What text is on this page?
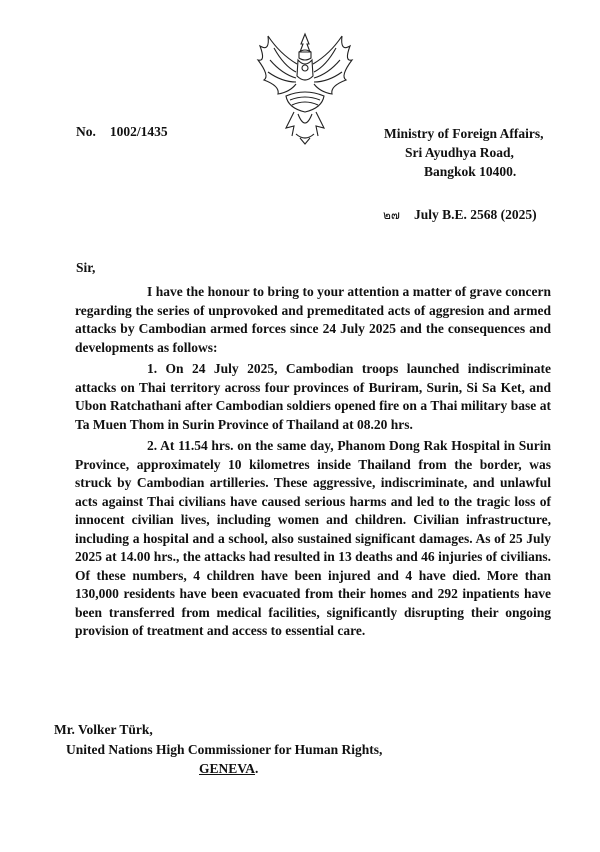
No. 1002/1435	Ministry of Foreign Affairs,
Sri Ayudhya Road,
Bangkok 10400.
๒๗ July B.E. 2568 (2025)
Sir,

I have the honour to bring to your attention a matter of grave concern regarding the series of unprovoked and premeditated acts of aggresion and armed attacks by Cambodian armed forces since 24 July 2025 and the consequences and developments as follows:

1. On 24 July 2025, Cambodian troops launched indiscriminate attacks on Thai territory across four provinces of Buriram, Surin, Si Sa Ket, and Ubon Ratchathani after Cambodian soldiers opened fire on a Thai military base at Ta Muen Thom in Surin Province of Thailand at 08.20 hrs.

2. At 11.54 hrs. on the same day, Phanom Dong Rak Hospital in Surin Province, approximately 10 kilometres inside Thailand from the border, was struck by Cambodian artilleries. These aggressive, indiscriminate, and unlawful acts against Thai civilians have caused serious harms and led to the tragic loss of innocent civilian lives, including women and children. Civilian infrastructure, including a hospital and a school, also sustained significant damages. As of 25 July 2025 at 14.00 hrs., the attacks had resulted in 13 deaths and 46 injuries of civilians. Of these numbers, 4 children have been injured and 4 have died. More than 130,000 residents have been evacuated from their homes and 292 inpatients have been transferred from medical facilities, significantly disrupting their ongoing provision of treatment and access to essential care.

Mr. Volker Türk,
United Nations High Commissioner for Human Rights,
GENEVA.
